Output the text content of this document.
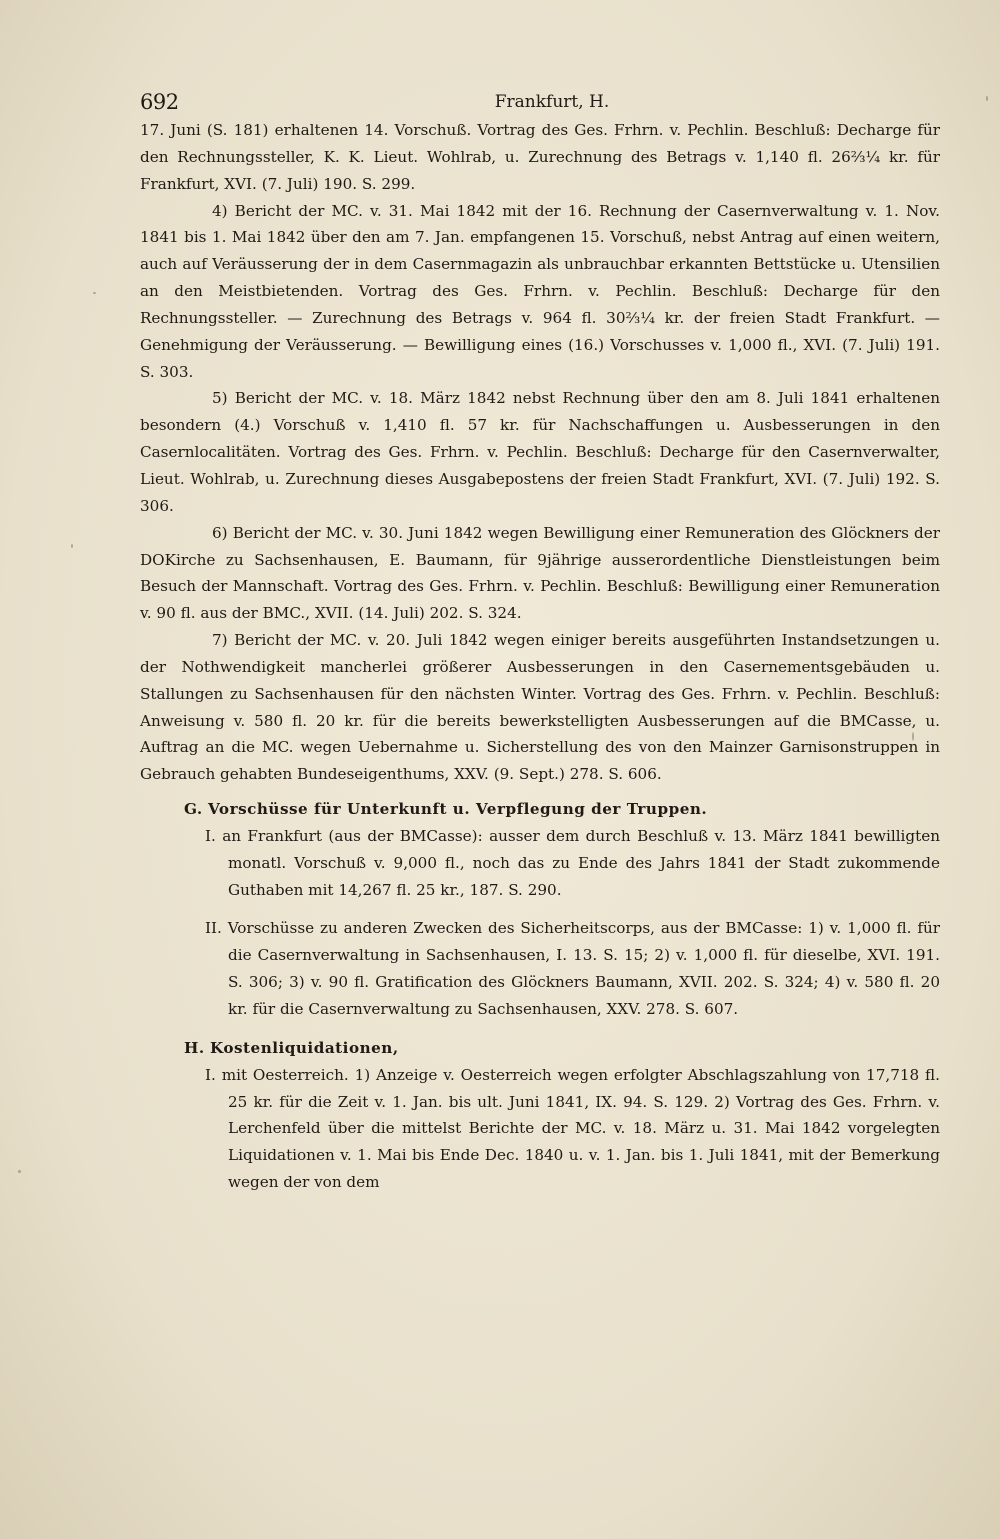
692	Frankfurt, H.

17. Juni (S. 181) erhaltenen 14. Vorschuß. Vortrag des Ges. Frhrn. v. Pechlin. Beschluß: Decharge für den Rechnungssteller, K. K. Lieut. Wohlrab, u. Zurechnung des Betrags v. 1,140 fl. 26⅔¼ kr. für Frankfurt, XVI. (7. Juli) 190. S. 299.

4) Bericht der MC. v. 31. Mai 1842 mit der 16. Rechnung der Casernverwaltung v. 1. Nov. 1841 bis 1. Mai 1842 über den am 7. Jan. empfangenen 15. Vorschuß, nebst Antrag auf einen weitern, auch auf Veräusserung der in dem Casernmagazin als unbrauchbar erkannten Bettstücke u. Utensilien an den Meistbietenden. Vortrag des Ges. Frhrn. v. Pechlin. Beschluß: Decharge für den Rechnungssteller. — Zurechnung des Betrags v. 964 fl. 30⅔¼ kr. der freien Stadt Frankfurt. — Genehmigung der Veräusserung. — Bewilligung eines (16.) Vorschusses v. 1,000 fl., XVI. (7. Juli) 191. S. 303.

5) Bericht der MC. v. 18. März 1842 nebst Rechnung über den am 8. Juli 1841 erhaltenen besondern (4.) Vorschuß v. 1,410 fl. 57 kr. für Nachschaffungen u. Ausbesserungen in den Casernlocalitäten. Vortrag des Ges. Frhrn. v. Pechlin. Beschluß: Decharge für den Casernverwalter, Lieut. Wohlrab, u. Zurechnung dieses Ausgabepostens der freien Stadt Frankfurt, XVI. (7. Juli) 192. S. 306.

6) Bericht der MC. v. 30. Juni 1842 wegen Bewilligung einer Remuneration des Glöckners der DOKirche zu Sachsenhausen, E. Baumann, für 9jährige ausserordentliche Dienstleistungen beim Besuch der Mannschaft. Vortrag des Ges. Frhrn. v. Pechlin. Beschluß: Bewilligung einer Remuneration v. 90 fl. aus der BMC., XVII. (14. Juli) 202. S. 324.

7) Bericht der MC. v. 20. Juli 1842 wegen einiger bereits ausgeführten Instandsetzungen u. der Nothwendigkeit mancherlei größerer Ausbesserungen in den Casernementsgebäuden u. Stallungen zu Sachsenhausen für den nächsten Winter. Vortrag des Ges. Frhrn. v. Pechlin. Beschluß: Anweisung v. 580 fl. 20 kr. für die bereits bewerkstelligten Ausbesserungen auf die BMCasse, u. Auftrag an die MC. wegen Uebernahme u. Sicherstellung des von den Mainzer Garnisonstruppen in Gebrauch gehabten Bundeseigenthums, XXV. (9. Sept.) 278. S. 606.

G. Vorschüsse für Unterkunft u. Verpflegung der Truppen.

I. an Frankfurt (aus der BMCasse): ausser dem durch Beschluß v. 13. März 1841 bewilligten monatl. Vorschuß v. 9,000 fl., noch das zu Ende des Jahrs 1841 der Stadt zukommende Guthaben mit 14,267 fl. 25 kr., 187. S. 290.

II. Vorschüsse zu anderen Zwecken des Sicherheitscorps, aus der BMCasse: 1) v. 1,000 fl. für die Casernverwaltung in Sachsenhausen, I. 13. S. 15; 2) v. 1,000 fl. für dieselbe, XVI. 191. S. 306; 3) v. 90 fl. Gratification des Glöckners Baumann, XVII. 202. S. 324; 4) v. 580 fl. 20 kr. für die Casernverwaltung zu Sachsenhausen, XXV. 278. S. 607.

H. Kostenliquidationen,

I. mit Oesterreich. 1) Anzeige v. Oesterreich wegen erfolgter Abschlagszahlung von 17,718 fl. 25 kr. für die Zeit v. 1. Jan. bis ult. Juni 1841, IX. 94. S. 129. 2) Vortrag des Ges. Frhrn. v. Lerchenfeld über die mittelst Berichte der MC. v. 18. März u. 31. Mai 1842 vorgelegten Liquidationen v. 1. Mai bis Ende Dec. 1840 u. v. 1. Jan. bis 1. Juli 1841, mit der Bemerkung wegen der von dem
